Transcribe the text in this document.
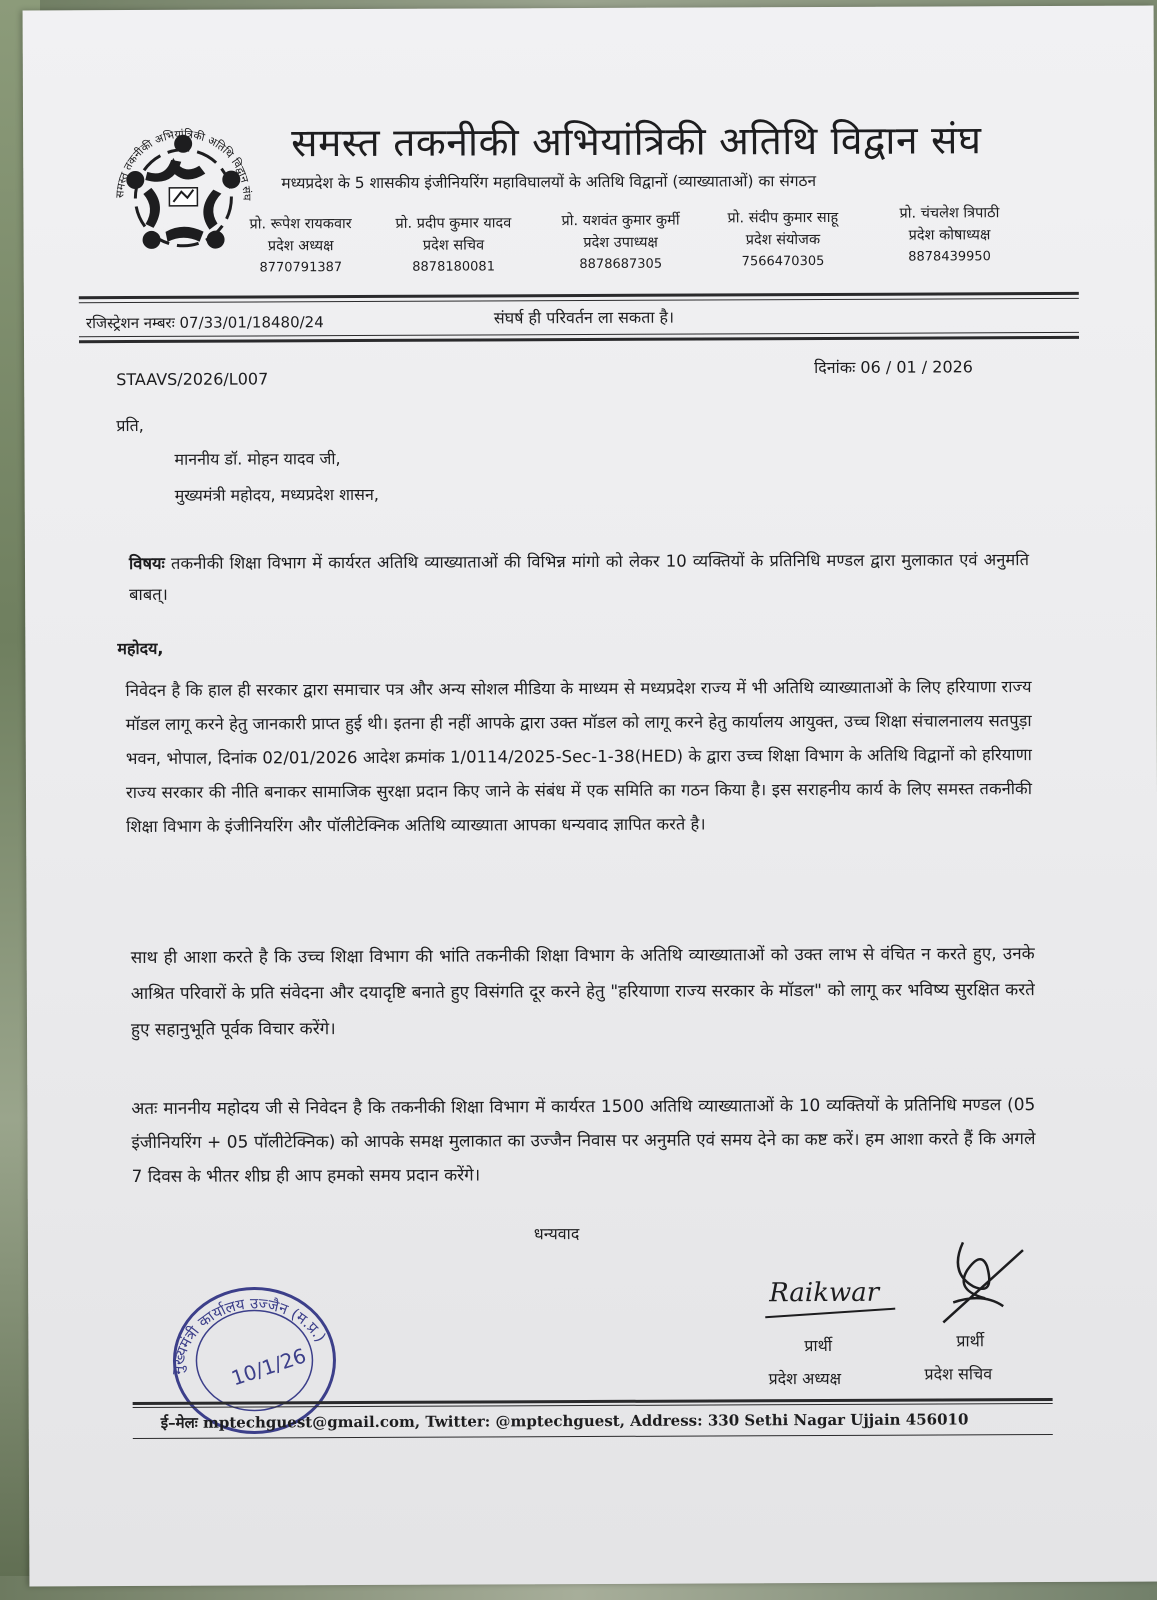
समस्त तकनीकी अभियांत्रिकी अतिथि विद्वान संघ
समस्त तकनीकी अभियांत्रिकी अतिथि विद्वान संघ
मध्यप्रदेश के 5 शासकीय इंजीनियरिंग महाविघालयों के अतिथि विद्वानों (व्याख्याताओं) का संगठन
प्रो. रूपेश रायकवार
प्रदेश अध्यक्ष
8770791387
प्रो. प्रदीप कुमार यादव
प्रदेश सचिव
8878180081
प्रो. यशवंत कुमार कुर्मी
प्रदेश उपाध्यक्ष
8878687305
प्रो. संदीप कुमार साहू
प्रदेश संयोजक
7566470305
प्रो. चंचलेश त्रिपाठी
प्रदेश कोषाध्यक्ष
8878439950
रजिस्ट्रेशन नम्बरः 07/33/01/18480/24	संघर्ष ही परिवर्तन ला सकता है।
STAAVS/2026/L007
दिनांकः 06 / 01 / 2026
प्रति,
माननीय डॉ. मोहन यादव जी,
मुख्यमंत्री महोदय, मध्यप्रदेश शासन,
विषयः तकनीकी शिक्षा विभाग में कार्यरत अतिथि व्याख्याताओं की विभिन्न मांगो को लेकर 10 व्यक्तियों के प्रतिनिधि मण्डल द्वारा मुलाकात एवं अनुमति बाबत्।
महोदय,
निवेदन है कि हाल ही सरकार द्वारा समाचार पत्र और अन्य सोशल मीडिया के माध्यम से मध्यप्रदेश राज्य में भी अतिथि व्याख्याताओं के लिए हरियाणा राज्य मॉडल लागू करने हेतु जानकारी प्राप्त हुई थी। इतना ही नहीं आपके द्वारा उक्त मॉडल को लागू करने हेतु कार्यालय आयुक्त, उच्च शिक्षा संचालनालय सतपुड़ा भवन, भोपाल, दिनांक 02/01/2026 आदेश क्रमांक 1/0114/2025-Sec-1-38(HED) के द्वारा उच्च शिक्षा विभाग के अतिथि विद्वानों को हरियाणा राज्य सरकार की नीति बनाकर सामाजिक सुरक्षा प्रदान किए जाने के संबंध में एक समिति का गठन किया है। इस सराहनीय कार्य के लिए समस्त तकनीकी शिक्षा विभाग के इंजीनियरिंग और पॉलीटेक्निक अतिथि व्याख्याता आपका धन्यवाद ज्ञापित करते है।
साथ ही आशा करते है कि उच्च शिक्षा विभाग की भांति तकनीकी शिक्षा विभाग के अतिथि व्याख्याताओं को उक्त लाभ से वंचित न करते हुए, उनके आश्रित परिवारों के प्रति संवेदना और दयादृष्टि बनाते हुए विसंगति दूर करने हेतु "हरियाणा राज्य सरकार के मॉडल" को लागू कर भविष्य सुरक्षित करते हुए सहानुभूति पूर्वक विचार करेंगे।
अतः माननीय महोदय जी से निवेदन है कि तकनीकी शिक्षा विभाग में कार्यरत 1500 अतिथि व्याख्याताओं के 10 व्यक्तियों के प्रतिनिधि मण्डल (05 इंजीनियरिंग + 05 पॉलीटेक्निक) को आपके समक्ष मुलाकात का उज्जैन निवास पर अनुमति एवं समय देने का कष्ट करें। हम आशा करते हैं कि अगले 7 दिवस के भीतर शीघ्र ही आप हमको समय प्रदान करेंगे।
धन्यवाद
मुख्यमंत्री कार्यालय उज्जैन (म.प्र.)
10/1/26
Raikwar
प्रार्थी
प्रदेश अध्यक्ष
प्रार्थी
प्रदेश सचिव
ई–मेलः mptechguest@gmail.com, Twitter: @mptechguest, Address: 330 Sethi Nagar Ujjain 456010
